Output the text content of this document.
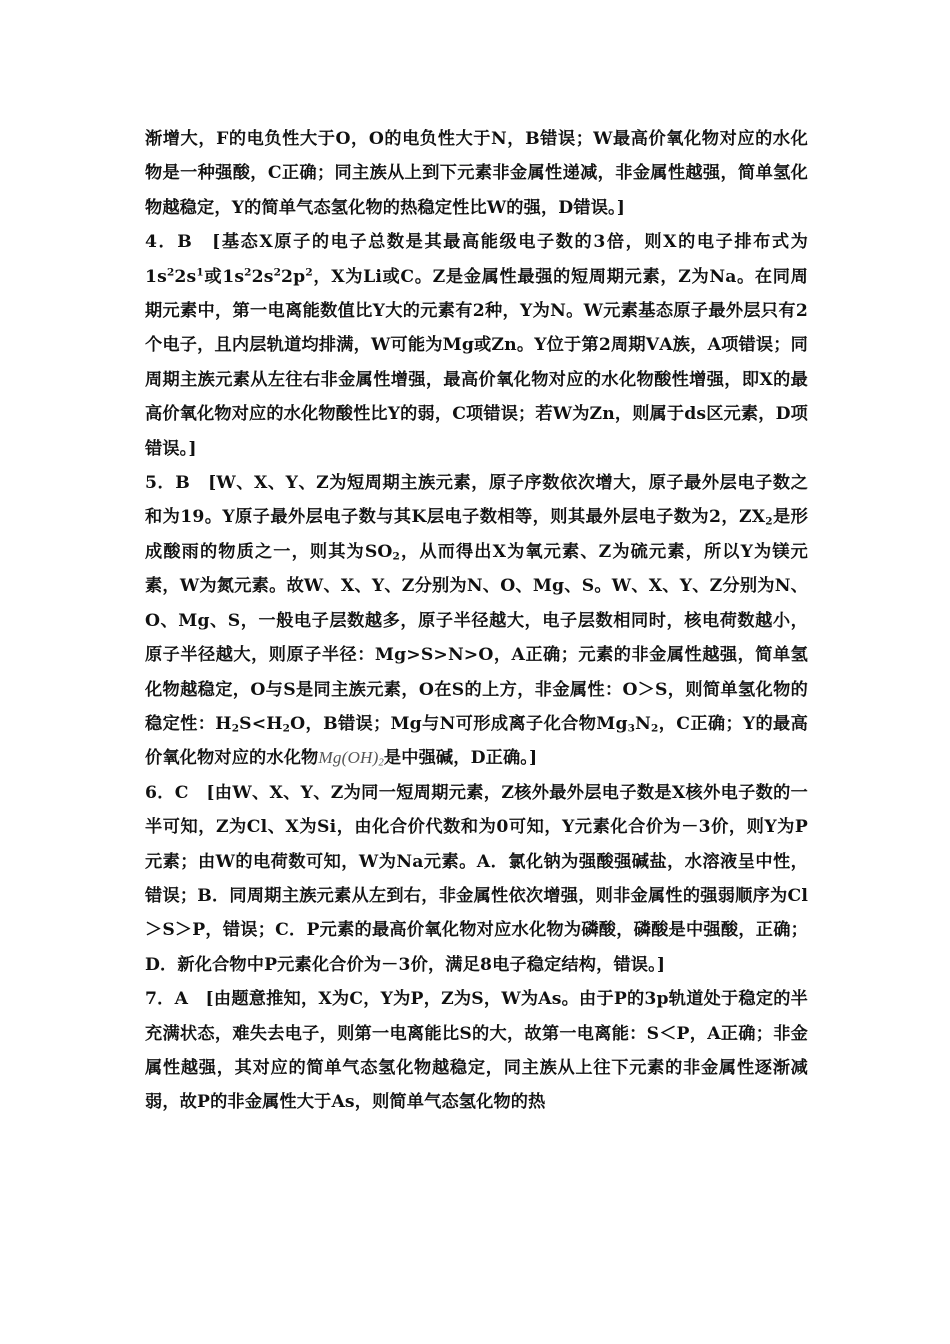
渐增大，F的电负性大于O，O的电负性大于N，B错误；W最高价氧化物对应的水化物是一种强酸，C正确；同主族从上到下元素非金属性递减，非金属性越强，简单氢化物越稳定，Y的简单气态氢化物的热稳定性比W的强，D错误。]

4．B　[基态X原子的电子总数是其最高能级电子数的3倍，则X的电子排布式为$1s^22s^1$或$1s^22s^22p^2$，X为Li或C。Z是金属性最强的短周期元素，Z为Na。在同周期元素中，第一电离能数值比Y大的元素有2种，Y为N。W元素基态原子最外层只有2个电子，且内层轨道均排满，W可能为Mg或Zn。Y位于第2周期ⅤA族，A项错误；同周期主族元素从左往右非金属性增强，最高价氧化物对应的水化物酸性增强，即X的最高价氧化物对应的水化物酸性比Y的弱，C项错误；若W为Zn，则属于ds区元素，D项错误。]

5．B　[W、X、Y、Z为短周期主族元素，原子序数依次增大，原子最外层电子数之和为19。Y原子最外层电子数与其K层电子数相等，则其最外层电子数为2，$ZX_2$是形成酸雨的物质之一，则其为$SO_2$，从而得出X为氧元素、Z为硫元素，所以Y为镁元素，W为氮元素。故W、X、Y、Z分别为N、O、Mg、S。W、X、Y、Z分别为N、O、Mg、S，一般电子层数越多，原子半径越大，电子层数相同时，核电荷数越小，原子半径越大，则原子半径：Mg>S>N>O，A正确；元素的非金属性越强，简单氢化物越稳定，O与S是同主族元素，O在S的上方，非金属性：O＞S，则简单氢化物的稳定性：$H_2S<H_2O$，B错误；Mg与N可形成离子化合物$Mg_3N_2$，C正确；Y的最高价氧化物对应的水化物$Mg(OH)_2$是中强碱，D正确。]

6．C　[由W、X、Y、Z为同一短周期元素，Z核外最外层电子数是X核外电子数的一半可知，Z为Cl、X为Si，由化合价代数和为0可知，Y元素化合价为－3价，则Y为P元素；由W的电荷数可知，W为Na元素。A．氯化钠为强酸强碱盐，水溶液呈中性，错误；B．同周期主族元素从左到右，非金属性依次增强，则非金属性的强弱顺序为Cl＞S＞P，错误；C．P元素的最高价氧化物对应水化物为磷酸，磷酸是中强酸，正确；D．新化合物中P元素化合价为－3价，满足8电子稳定结构，错误。]

7．A　[由题意推知，X为C，Y为P，Z为S，W为As。由于P的3p轨道处于稳定的半充满状态，难失去电子，则第一电离能比S的大，故第一电离能：S＜P，A正确；非金属性越强，其对应的简单气态氢化物越稳定，同主族从上往下元素的非金属性逐渐减弱，故P的非金属性大于As，则简单气态氢化物的热
